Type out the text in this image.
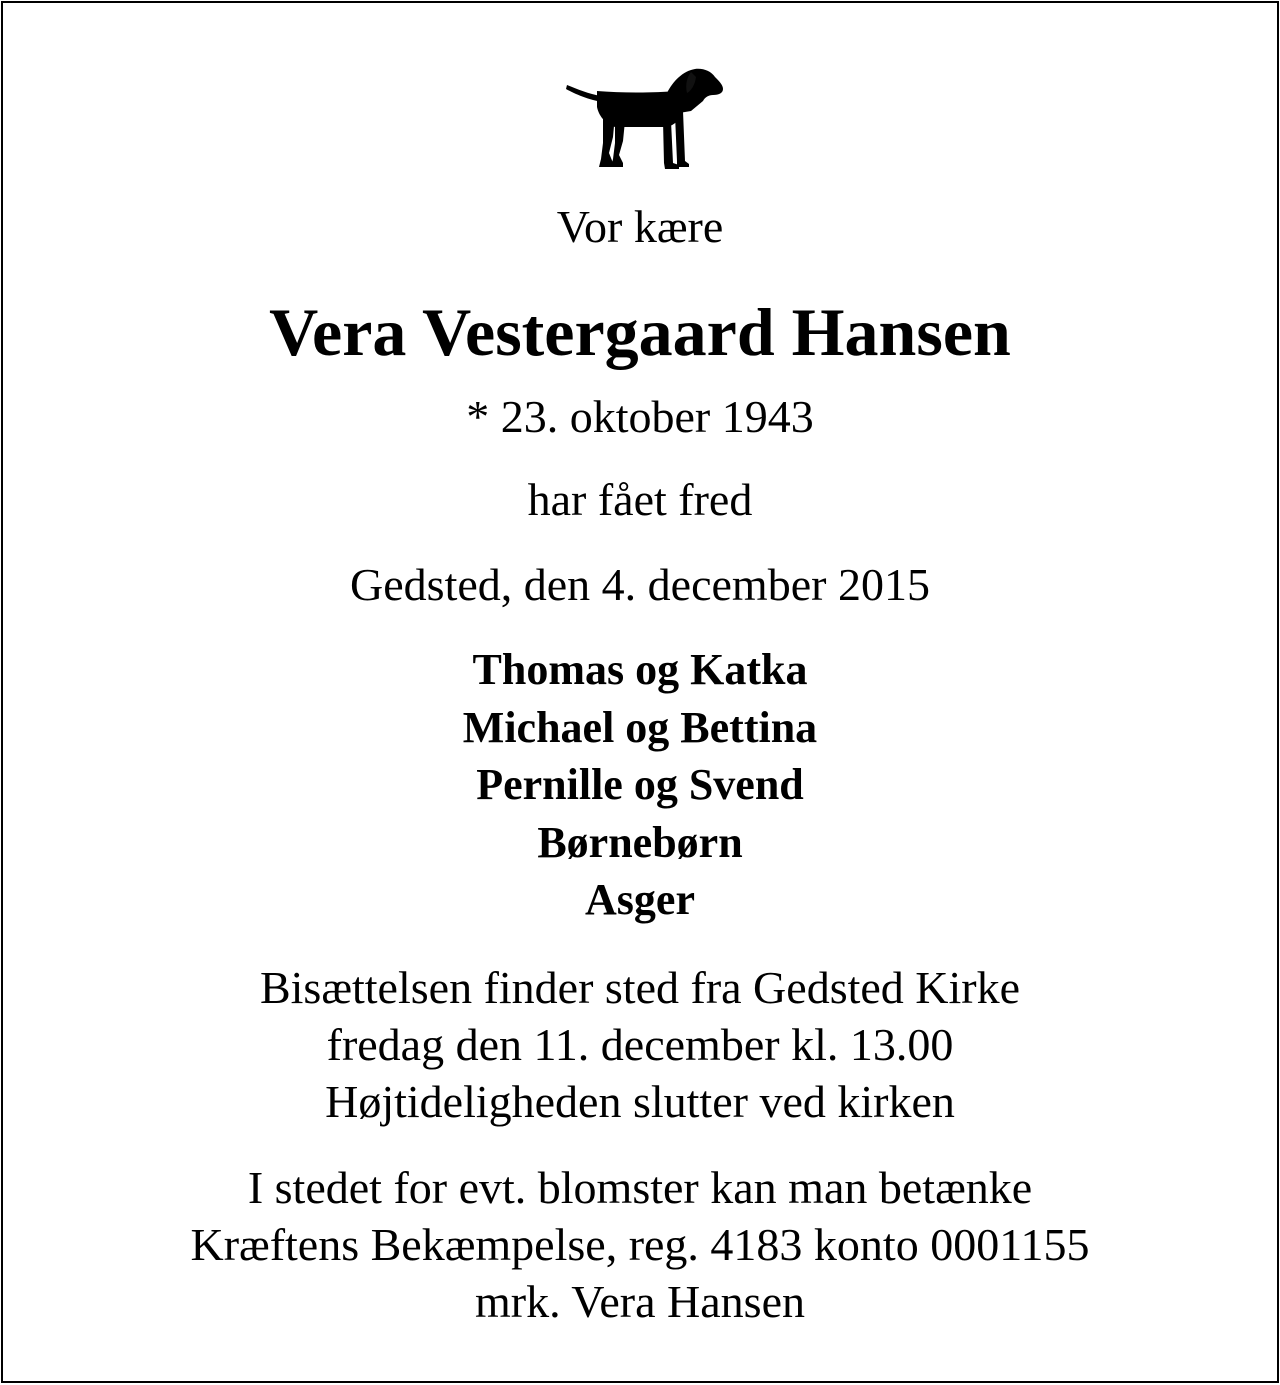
Vor kære
Vera Vestergaard Hansen
* 23. oktober 1943
har fået fred
Gedsted, den 4. december 2015
Thomas og Katka
Michael og Bettina
Pernille og Svend
Børnebørn
Asger
Bisættelsen finder sted fra Gedsted Kirke
fredag den 11. december kl. 13.00
Højtideligheden slutter ved kirken
I stedet for evt. blomster kan man betænke
Kræftens Bekæmpelse, reg. 4183 konto 0001155
mrk. Vera Hansen
